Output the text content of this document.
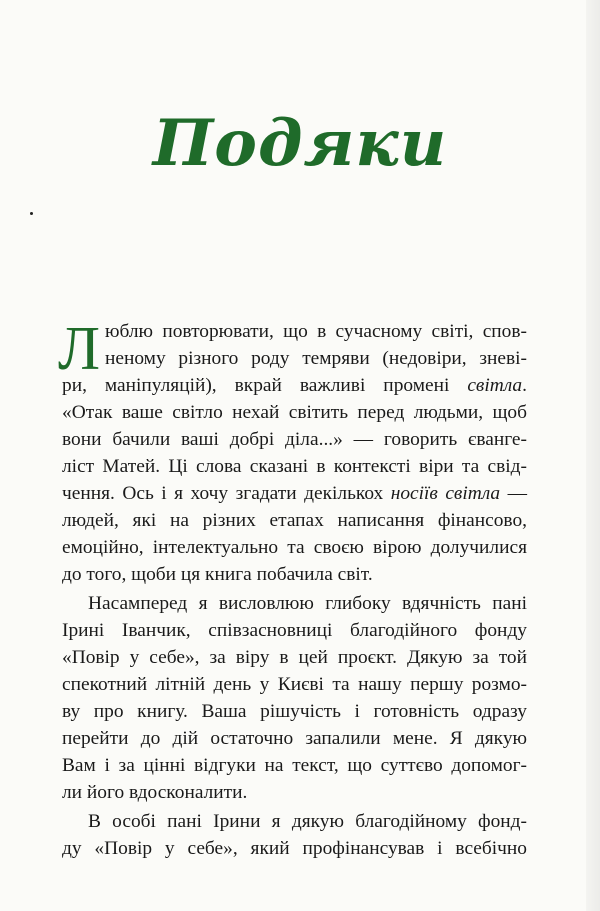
Подяки
Л юблю повторювати, що в сучасному світі, спов-
неному різного роду темряви (недовіри, зневі-
ри, маніпуляцій), вкрай важливі промені світла.
«Отак ваше світло нехай світить перед людьми, щоб
вони бачили ваші добрі діла...» — говорить єванге-
ліст Матей. Ці слова сказані в контексті віри та свід-
чення. Ось і я хочу згадати декількох носіїв світла —
людей, які на різних етапах написання фінансово,
емоційно, інтелектуально та своєю вірою долучилися
до того, щоби ця книга побачила світ.
Насамперед я висловлюю глибоку вдячність пані
Ірині Іванчик, співзасновниці благодійного фонду
«Повір у себе», за віру в цей проєкт. Дякую за той
спекотний літній день у Києві та нашу першу розмо-
ву про книгу. Ваша рішучість і готовність одразу
перейти до дій остаточно запалили мене. Я дякую
Вам і за цінні відгуки на текст, що суттєво допомог-
ли його вдосконалити.
В особі пані Ірини я дякую благодійному фонд-
ду «Повір у себе», який профінансував і всебічно
